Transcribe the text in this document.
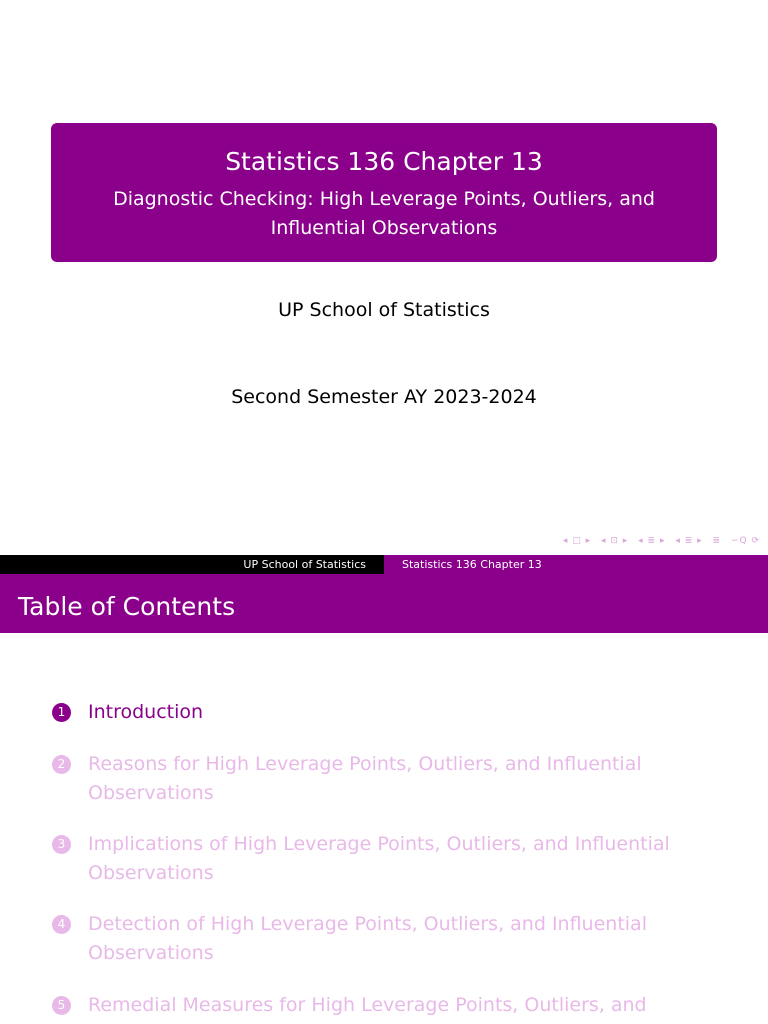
Statistics 136 Chapter 13
Diagnostic Checking: High Leverage Points, Outliers, and Influential Observations
UP School of Statistics
Second Semester AY 2023-2024
◂ □ ▸ ◂ ⊡ ▸ ◂ ≣ ▸ ◂ ≣ ▸ ≣ ∽Q ⟳
UP School of Statistics	Statistics 136 Chapter 13
Table of Contents
1 Introduction
2 Reasons for High Leverage Points, Outliers, and Influential Observations
3 Implications of High Leverage Points, Outliers, and Influential Observations
4 Detection of High Leverage Points, Outliers, and Influential Observations
5 Remedial Measures for High Leverage Points, Outliers, and
